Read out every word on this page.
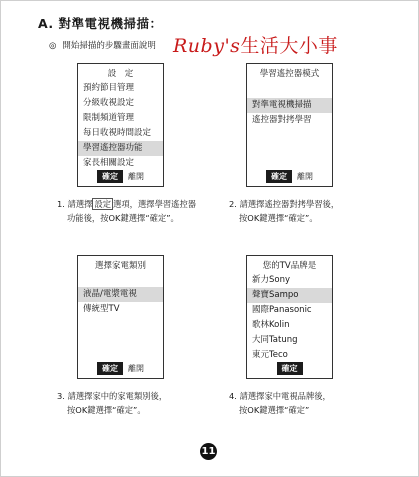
A. 對準電視機掃描：
◎ 開始掃描的步驟畫面說明 Ruby's生活大小事
設　定
預約節目管理
分級收視設定
限制頻道管理
每日收視時間設定
學習遙控器功能
家長相關設定
確定	離開
學習遙控器模式
對準電視機掃描
遙控器對拷學習
確定	離開
1. 請選擇 設定 選項，選擇學習遙控器
功能後，按OK鍵選擇“確定”。
2. 請選擇遙控器對拷學習後，
按OK鍵選擇“確定”。
選擇家電類別
液晶/電漿電視
傳統型TV
確定	離開
您的TV品牌是
新力Sony
聲寶Sampo
國際Panasonic
歌林Kolin
大同Tatung
東元Teco
確定
3. 請選擇家中的家電類別後，
按OK鍵選擇“確定”。
4. 請選擇家中電視品牌後，
按OK鍵選擇“確定”
11
